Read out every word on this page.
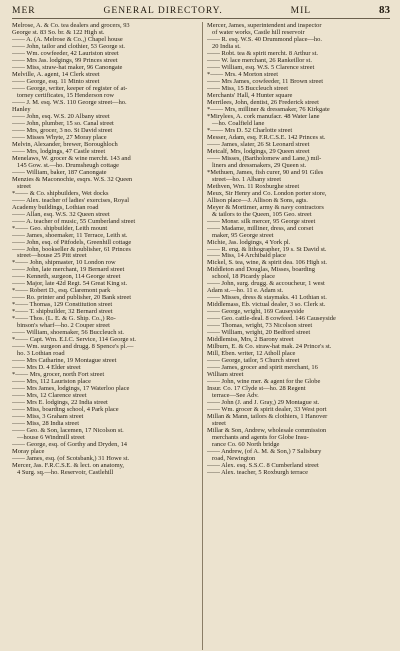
MER	GENERAL DIRECTORY.	MIL	83
Melrose, A. & Co. tea dealers and grocers, 93
George st. 83 So. br. & 122 High st.
—— A. (A. Melrose & Co.,) Chapel house
—— John, tailor and clothier, 53 George st.
—— Wm. cowfeeder, 42 Lauriston street
—— Mrs Jas. lodgings, 99 Princes street
—— Miss, straw-hat maker, 96 Canongate
Melville, A. agent, 14 Clerk street
—— George, esq. 11 Minto street
—— George, writer, keeper of register of at-
torney certificates, 15 Henderson row
—— J. M. esq. W.S. 110 George street—ho.
Hanley
—— John, esq. W.S. 20 Albany street
—— John, plumber, 15 so. Canal street
—— Mrs, grocer, 3 no. St David street
—— Misses Whyte, 27 Moray place
Melvin, Alexander, brewer, Boroughloch
—— Mrs, lodgings, 47 Castle street
Menelaws, W. grocer & wine mercht. 143 and
145 Gow. st.—ho. Drumsheugh cottage
—— William, baker, 187 Canongate
Menzies & Maconochie, esqrs. W.S. 32 Queen
street
*—— & Co. shipbuilders, Wet docks
—— Alex. teacher of ladies' exercises, Royal
Academy buildings, Lothian road
—— Allan, esq. W.S. 32 Queen street
—— A. teacher of music, 55 Cumberland street
*—— Geo. shipbuilder, Leith mount
—— James, shoemaker, 11 Terrace, Leith st.
—— John, esq. of Pitfodels, Greenhill cottage
—— John, bookseller & publisher, 61 Princes
street—house 25 Pitt street
*—— John, shipmaster, 10 London row
—— John, late merchant, 19 Bernard street
—— Kenneth, surgeon, 114 George street
—— Major, late 42d Regt. 54 Great King st.
*—— Robert D., esq. Claremont park
—— Ro. printer and publisher, 20 Bank street
*—— Thomas, 129 Constitution street
*—— T. shipbuilder, 32 Bernard street
*—— Thos. (L. E. & G. Ship. Co.,) Ro-
binson's wharf—ho. 2 Couper street
—— William, shoemaker, 56 Buccleuch st.
*—— Capt. Wm. E.I.C. Service, 114 George st.
—— Wm. surgeon and drugg. 8 Spence's pl.—
ho. 3 Lothian road
—— Mrs Catharine, 19 Montague street
—— Mrs D. 4 Elder street
*—— Mrs, grocer, north Fort street
—— Mrs, 112 Lauriston place
—— Mrs James, lodgings, 17 Waterloo place
—— Mrs, 12 Clarence street
—— Mrs E. lodgings, 22 India street
—— Miss, boarding school, 4 Park place
—— Miss, 3 Graham street
—— Miss, 28 India street
—— Geo. & Son, lacemen, 17 Nicolson st.
—house 6 Windmill street
—— George, esq. of Gorthy and Dryden, 14
Moray place
—— James, esq. (of Scotsbank,) 31 Howe st.
Mercer, Jas. F.R.C.S.E. & lect. on anatomy,
4 Surg. sq.—ho. Reservoir, Castlehill
Mercer, James, superintendent and inspector
of water works, Castle hill reservoir
—— R. esq. W.S. 40 Drummond place—ho.
20 India st.
—— Robt. tea & spirit mercht. 8 Arthur st.
—— W. lace merchant, 26 Rankeillor st.
—— William, esq. W.S. 5 Clarence street
*—— Mrs. 4 Morton street
—— Mrs James, cowfeeder, 11 Brown street
—— Miss, 15 Buccleuch street
Merchants' Hall, 4 Hunter square
Merrilees, John, dentist, 26 Frederick street
*—— Mrs, milliner & dressmaker, 76 Kirkgate
*Mirylees, A. cork manufacr. 48 Water lane
—ho. Coalfield lane
*—— Mrs D. 52 Charlotte street
Messer, Adam, esq. F.R.C.S.E. 142 Princes st.
—— James, slater, 26 St Leonard street
Metcalf, Mrs, lodgings, 29 Queen street
—— Misses, (Bartholomew and Lane,) mil-
liners and dressmakers, 29 Queen st.
*Methuen, James, fish curer, 90 and 91 Giles
street—ho. 1 Albany street
Methven, Wm. 11 Roxburghe street
Meux, Sir Henry and Co. London porter store,
Allison place—J. Allison & Sons, agts.
Meyer & Mortimer, army & navy contractors
& tailors to the Queen, 105 Geo. street
—— Monsr. silk mercer, 95 George street
—— Madame, milliner, dress, and corset
maker, 95 George street
Michie, Jas. lodgings, 4 York pl.
—— R. eng. & lithographer, 19 s. St David st.
—— Miss, 14 Archibald place
Mickel, S. tea, wine, & spirit dea. 106 High st.
Middleton and Douglas, Misses, boarding
school, 18 Picardy place
—— John, surg. drugg. & accoucheur, 1 west
Adam st.—ho. 11 e. Adam st.
—— Misses, dress & staymaks. 41 Lothian st.
Middlemass, Eb. victual dealer, 3 so. Clerk st.
—— George, wright, 169 Causeyside
—— Geo. cattle-deal. 8 cowfeed. 146 Causeyside
—— Thomas, wright, 73 Nicolson street
—— William, wright, 20 Bedford street
Middlemiss, Mrs, 2 Barony street
Milburn, E. & Co. straw-hat mak. 24 Prince's st.
Mill, Eben. writer, 12 Atholl place
—— George, tailor, 5 Church street
—— James, grocer and spirit merchant, 16
William street
—— John, wine mer. & agent for the Globe
Insur. Co. 17 Clyde st—ho. 28 Regent
terrace—See Adv.
—— John (J. and J. Gray,) 29 Montague st.
—— Wm. grocer & spirit dealer, 33 West port
Millan & Mann, tailors & clothiers, 1 Hanover
street
Millar & Son, Andrew, wholesale commission
merchants and agents for Globe Insu-
rance Co. 60 North bridge
—— Andrew, (of A. M. & Son,) 7 Salisbury
road, Newington
—— Alex. esq. S.S.C. 8 Cumberland street
—— Alex. teacher, 5 Roxburgh terrace
